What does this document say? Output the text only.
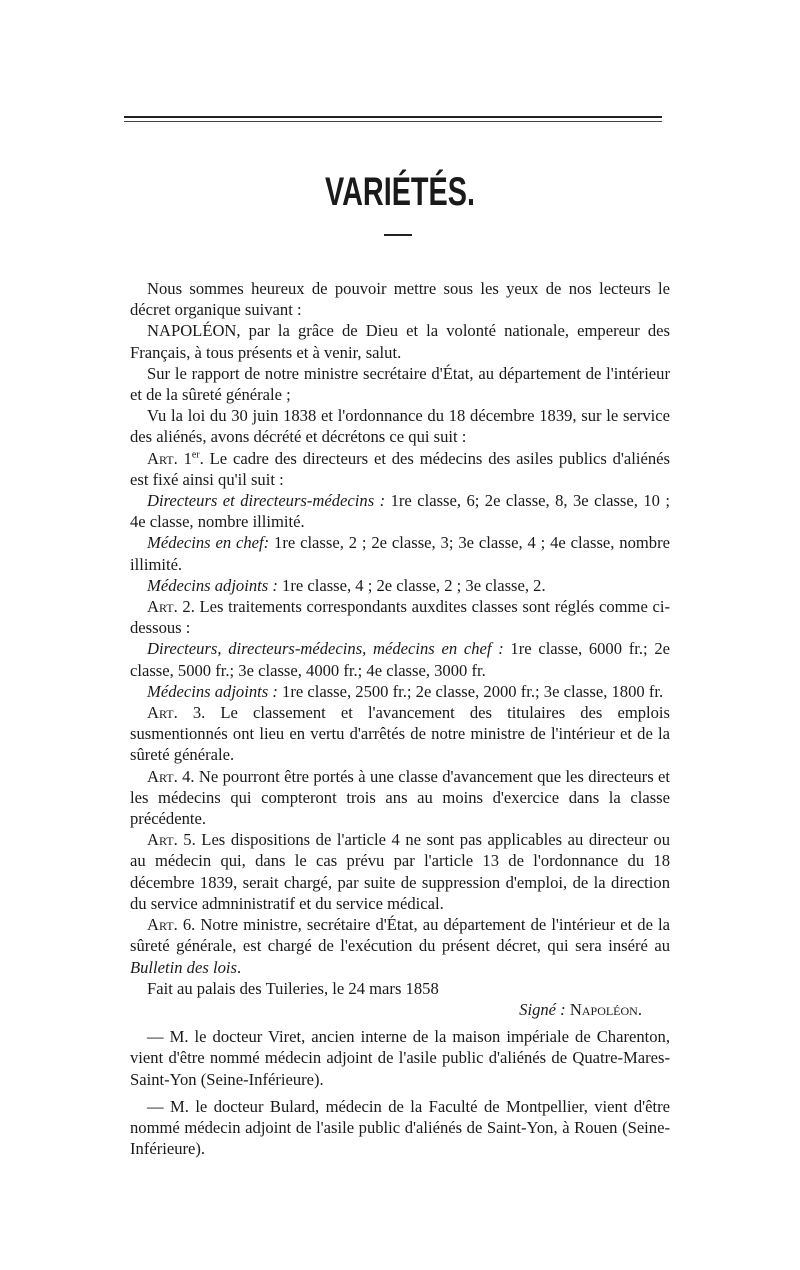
VARIÉTÉS.

Nous sommes heureux de pouvoir mettre sous les yeux de nos lecteurs le décret organique suivant :

NAPOLÉON, par la grâce de Dieu et la volonté nationale, empereur des Français, à tous présents et à venir, salut.

Sur le rapport de notre ministre secrétaire d'État, au département de l'intérieur et de la sûreté générale ;

Vu la loi du 30 juin 1838 et l'ordonnance du 18 décembre 1839, sur le service des aliénés, avons décrété et décrétons ce qui suit :

Art. 1er. Le cadre des directeurs et des médecins des asiles publics d'aliénés est fixé ainsi qu'il suit :

Directeurs et directeurs-médecins : 1re classe, 6; 2e classe, 8, 3e classe, 10 ; 4e classe, nombre illimité.

Médecins en chef: 1re classe, 2 ; 2e classe, 3; 3e classe, 4 ; 4e classe, nombre illimité.

Médecins adjoints : 1re classe, 4 ; 2e classe, 2 ; 3e classe, 2.

Art. 2. Les traitements correspondants auxdites classes sont réglés comme ci-dessous :

Directeurs, directeurs-médecins, médecins en chef : 1re classe, 6000 fr.; 2e classe, 5000 fr.; 3e classe, 4000 fr.; 4e classe, 3000 fr.

Médecins adjoints : 1re classe, 2500 fr.; 2e classe, 2000 fr.; 3e classe, 1800 fr.

Art. 3. Le classement et l'avancement des titulaires des emplois susmentionnés ont lieu en vertu d'arrêtés de notre ministre de l'intérieur et de la sûreté générale.

Art. 4. Ne pourront être portés à une classe d'avancement que les directeurs et les médecins qui compteront trois ans au moins d'exercice dans la classe précédente.

Art. 5. Les dispositions de l'article 4 ne sont pas applicables au directeur ou au médecin qui, dans le cas prévu par l'article 13 de l'ordonnance du 18 décembre 1839, serait chargé, par suite de suppression d'emploi, de la direction du service admninistratif et du service médical.

Art. 6. Notre ministre, secrétaire d'État, au département de l'intérieur et de la sûreté générale, est chargé de l'exécution du présent décret, qui sera inséré au Bulletin des lois.

Fait au palais des Tuileries, le 24 mars 1858

Signé : Napoléon.

— M. le docteur Viret, ancien interne de la maison impériale de Charenton, vient d'être nommé médecin adjoint de l'asile public d'aliénés de Quatre-Mares-Saint-Yon (Seine-Inférieure).

— M. le docteur Bulard, médecin de la Faculté de Montpellier, vient d'être nommé médecin adjoint de l'asile public d'aliénés de Saint-Yon, à Rouen (Seine-Inférieure).
